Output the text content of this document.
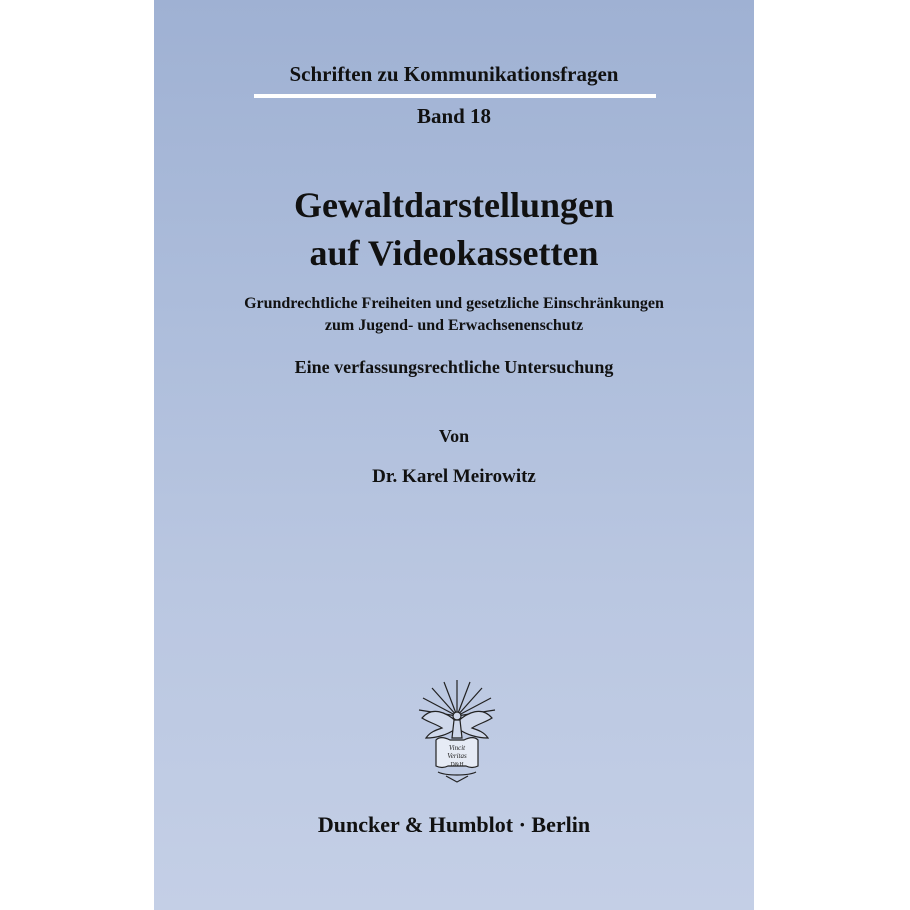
Schriften zu Kommunikationsfragen
Band 18
Gewaltdarstellungen
auf Videokassetten
Grundrechtliche Freiheiten und gesetzliche Einschränkungen
zum Jugend- und Erwachsenenschutz
Eine verfassungsrechtliche Untersuchung
Von
Dr. Karel Meirowitz
Vincit
Veritas
D&H
Duncker & Humblot · Berlin
